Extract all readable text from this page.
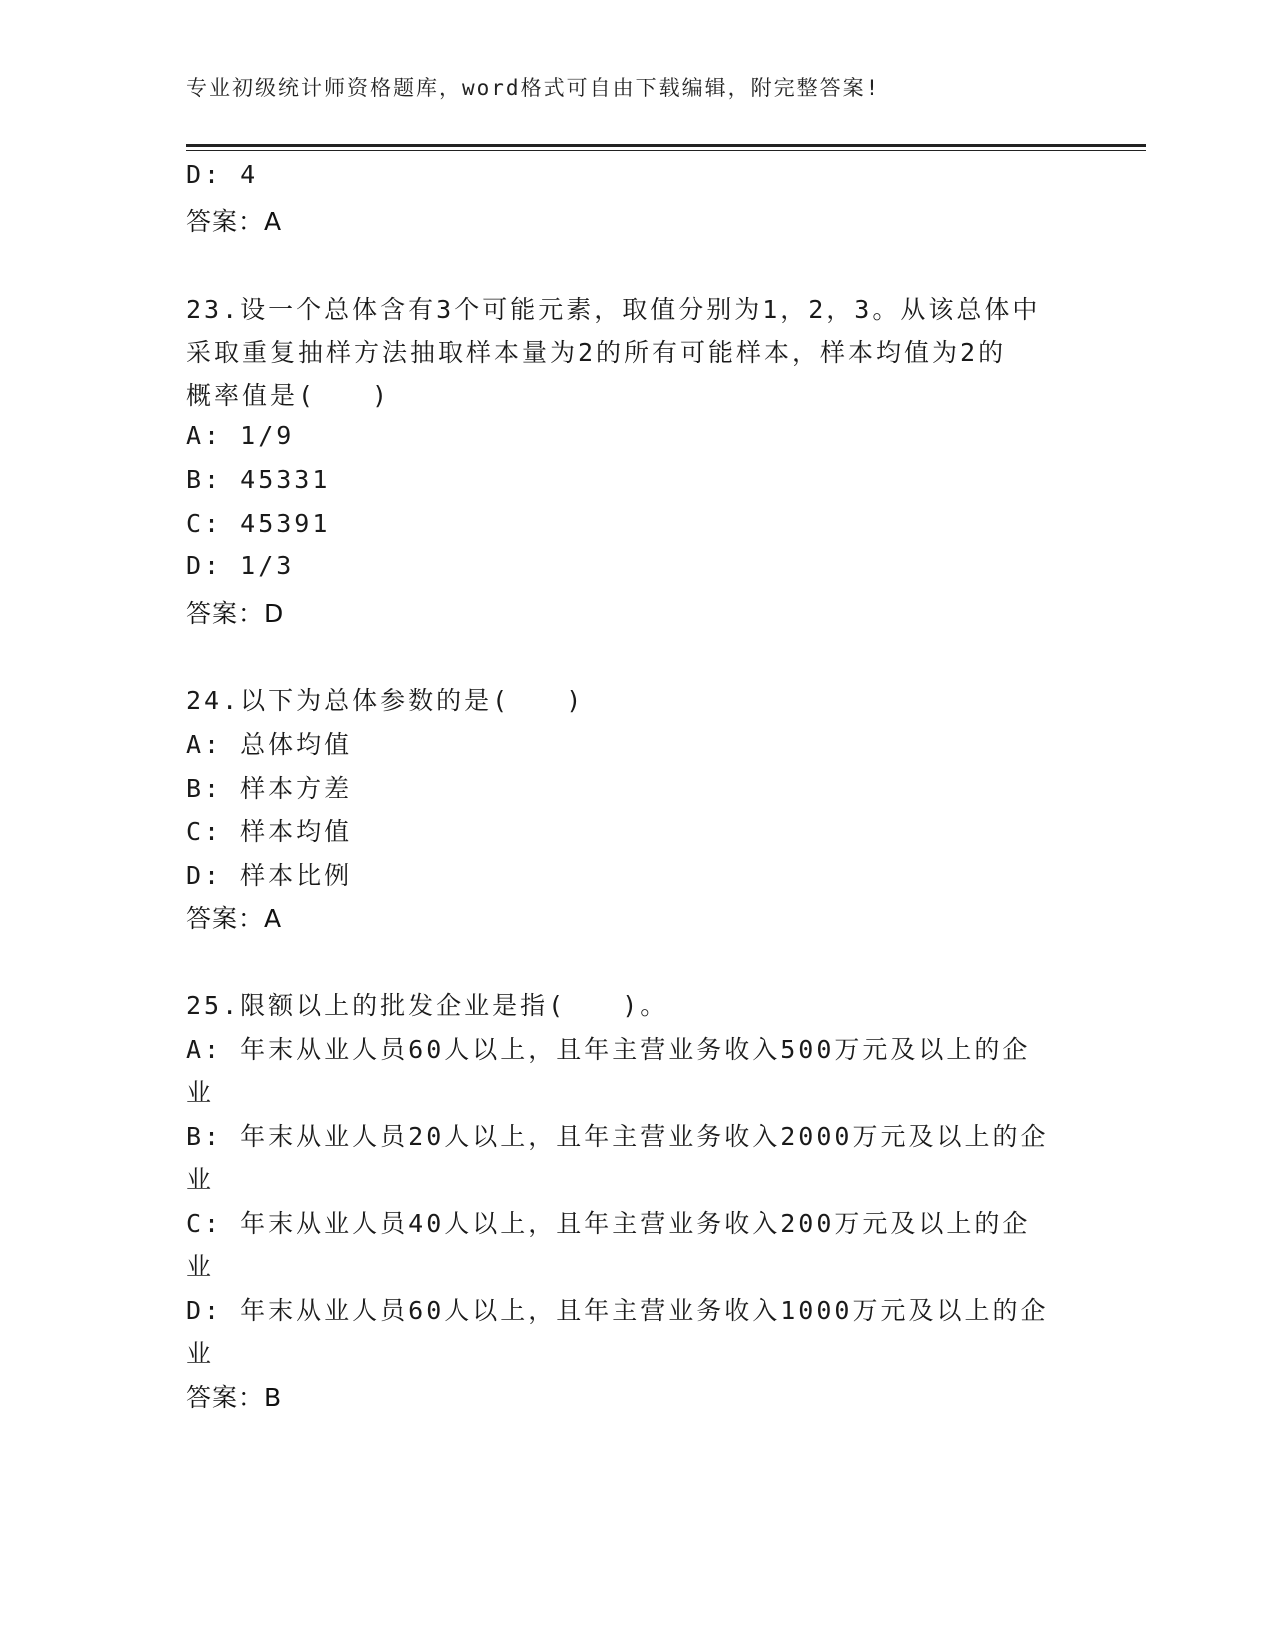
专业初级统计师资格题库，word格式可自由下载编辑，附完整答案!
D: 4
答案：A
23.设一个总体含有3个可能元素，取值分别为1，2，3。从该总体中
采取重复抽样方法抽取样本量为2的所有可能样本，样本均值为2的
概率值是(　　)
A: 1/9
B: 45331
C: 45391
D: 1/3
答案：D
24.以下为总体参数的是(　　)
A: 总体均值
B: 样本方差
C: 样本均值
D: 样本比例
答案：A
25.限额以上的批发企业是指(　　)。
A: 年末从业人员60人以上，且年主营业务收入500万元及以上的企
业
B: 年末从业人员20人以上，且年主营业务收入2000万元及以上的企
业
C: 年末从业人员40人以上，且年主营业务收入200万元及以上的企
业
D: 年末从业人员60人以上，且年主营业务收入1000万元及以上的企
业
答案：B
